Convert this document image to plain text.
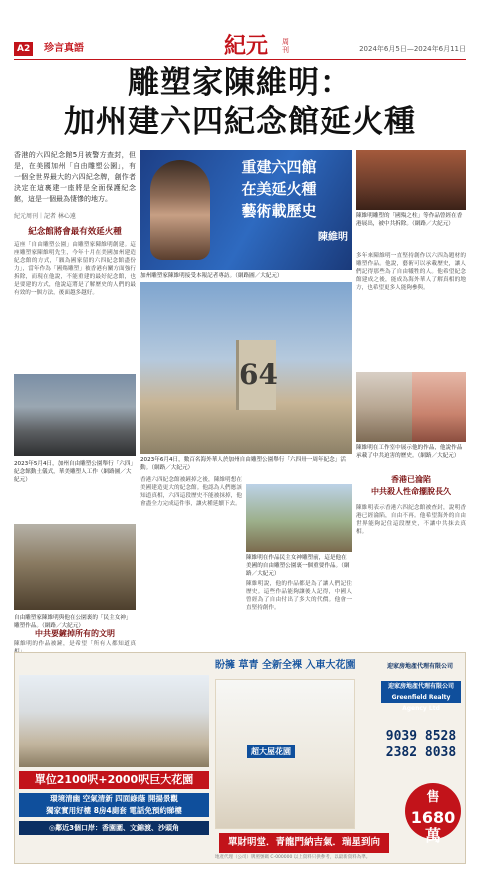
A2	珍言真語	紀元 周刊	2024年6月5日—2024年6月11日
雕塑家陳維明：
加州建六四紀念館延火種
香港的六四紀念館5月被警方查封，但是，在美國加州「自由雕塑公園」，有一個全世界最大的六四紀念牌，創作者決定在這裏建一座將是全面保護紀念館，這是一個最為悽慘的地方。
紀元周刊｜記者 林心遠
紀念館將會最有效延火種
這座「自由雕塑公園」由雕塑家陳維明創建。這座雕塑家陳維明先生，今年十月在美國加州建造紀念館的方式，「願為國家留的六四紀念館盡份力」，當年作為「國殤雕塑」被香港有關方面強行拆除，而現在他說，不能重建的最好紀念館，也是要建的方式，他說這將是了解歷史的人們的最有效的一個方法，後面越多越好。
2023年5月4日，加州自由雕塑公園舉行「六四」紀念館動土儀式，華美雕塑人工作（網路圖／大紀元）
自由雕塑家陳維明與他在公園裏的「民主女神」雕塑作品。（網路／大紀元）
中共要鏟掉所有的文明
陳維明的作品被鏟，是希望「所有人都知道真
重建六四館
在美延火種
藝術載歷史
陳維明
加州雕塑家陳維明接受本報記者專訪。（網路圖／大紀元）
64
2023年6月4日，數百名海外華人於加州自由雕塑公園舉行「六四卅一周年紀念」活動。（網路／大紀元）
香港六四紀念館被鏟掉之後，陳維明想在美國建造更大的紀念館。他認為人們應該知道真相，六四這段歷史不能被抹掉，他會盡全力完成這件事，讓火種延續下去。
陳維明在作品民主女神雕塑前，這是他在美國的自由雕塑公園裏一個重要作品。（網路／大紀元）
陳維明說，他的作品都是為了讓人們記住歷史。這些作品能夠讓後人記得，中國人曾經為了自由付出了多大的代價。他會一直堅持創作。
陳維明雕塑的「國殤之柱」等作品曾經在香港展出，被中共拆除。（網路／大紀元）
多年來陳維明一直堅持創作以六四為題材的雕塑作品。他說，藝術可以承載歷史，讓人們記得那些為了自由犧牲的人。他希望紀念館建成之後，能成為海外華人了解真相的地方，也希望更多人能夠參與。
陳維明在工作室中展示他的作品，他說作品承載了中共迫害的歷史。（網路／大紀元）
香港已淪陷
中共殺人性命擺脫長久
陳維明表示香港六四紀念館被查封，說明香港已經淪陷，自由不再。他希望海外的自由世界能夠記住這段歷史，不讓中共抹去真相。
盼擁 草青 全新全裸 入車大花園
超大屋花園
單位2100呎+2000呎巨大花園
環境清幽 空氣清新 四面綠蔭 開揚景觀
獨家實用好樓 8房4廁套 電話免預約睇樓
◎鄰近3個口岸：香園圍、文錦渡、沙頭角
單財明堂．青龍門納吉氣．瑞星到向
迎家房地產代理有限公司
迎家房地產代理有限公司 Greenfield Realty Agency Ltd
9039 8528
2382 8038
售
1680萬
地產代理（公司）牌照號碼 C-000000 以上資料只供參考，以最新資料為準。
